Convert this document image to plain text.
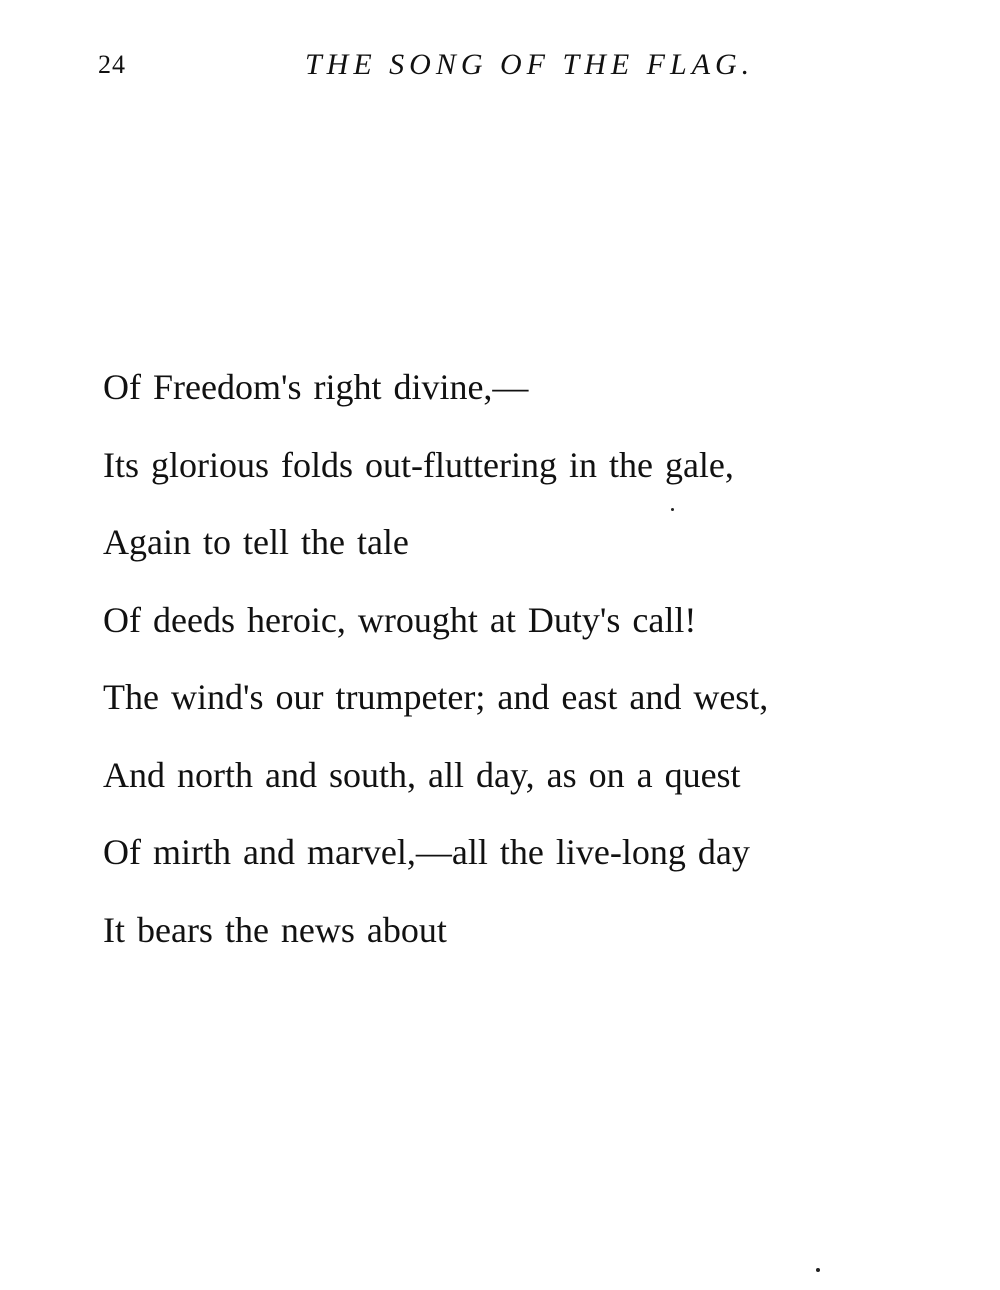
24	THE SONG OF THE FLAG.
Of Freedom's right divine,—
Its glorious folds out-fluttering in the gale,
Again to tell the tale
Of deeds heroic, wrought at Duty's call!
The wind's our trumpeter; and east and west,
And north and south, all day, as on a quest
Of mirth and marvel,—all the live-long day
It bears the news about
